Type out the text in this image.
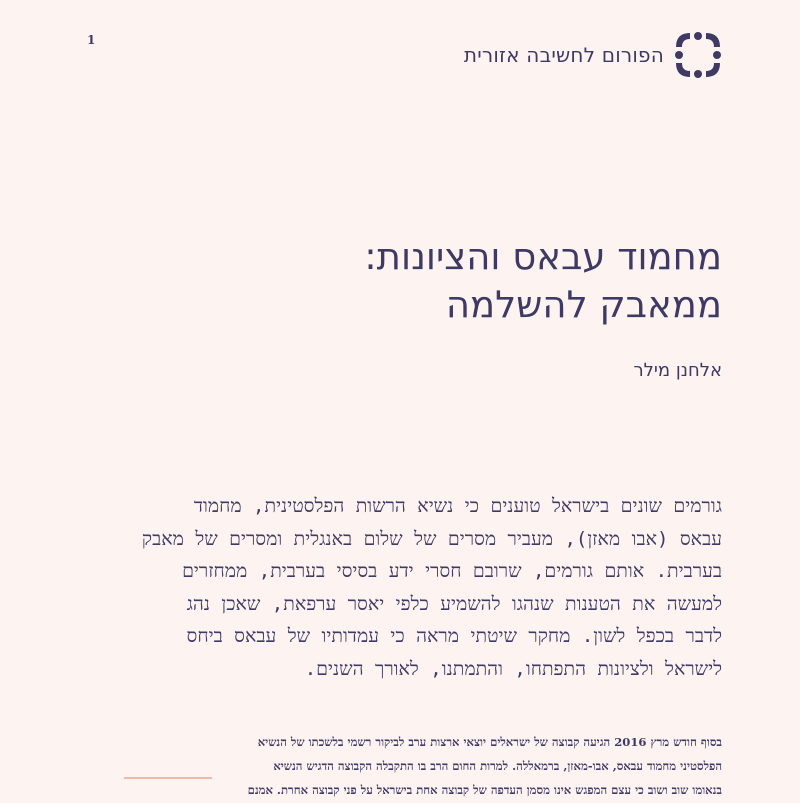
1
הפורום לחשיבה אזורית
מחמוד עבאס והציונות:
ממאבק להשלמה
אלחנן מילר

גורמים שונים בישראל טוענים כי נשיא הרשות הפלסטינית, מחמוד
עבאס (אבו מאזן), מעביר מסרים של שלום באנגלית ומסרים של מאבק
בערבית. אותם גורמים, שרובם חסרי ידע בסיסי בערבית, ממחזרים
למעשה את הטענות שנהגו להשמיע כלפי יאסר ערפאת, שאכן נהג
לדבר בכפל לשון. מחקר שיטתי מראה כי עמדותיו של עבאס ביחס
לישראל ולציונות התפתחו, והתמתנו, לאורך השנים.

בסוף חודש מרץ 2016 הגיעה קבוצה של ישראלים יוצאי ארצות ערב לביקור רשמי בלשכתו של הנשיא
הפלסטיני מחמוד עבאס, אבו-מאזן, ברמאללה. למרות החום הרב בו התקבלה הקבוצה הדגיש הנשיא
בנאומו שוב ושוב כי עצם המפגש אינו מסמן העדפה של קבוצה אחת בישראל על פני קבוצה אחרת. אמנם
